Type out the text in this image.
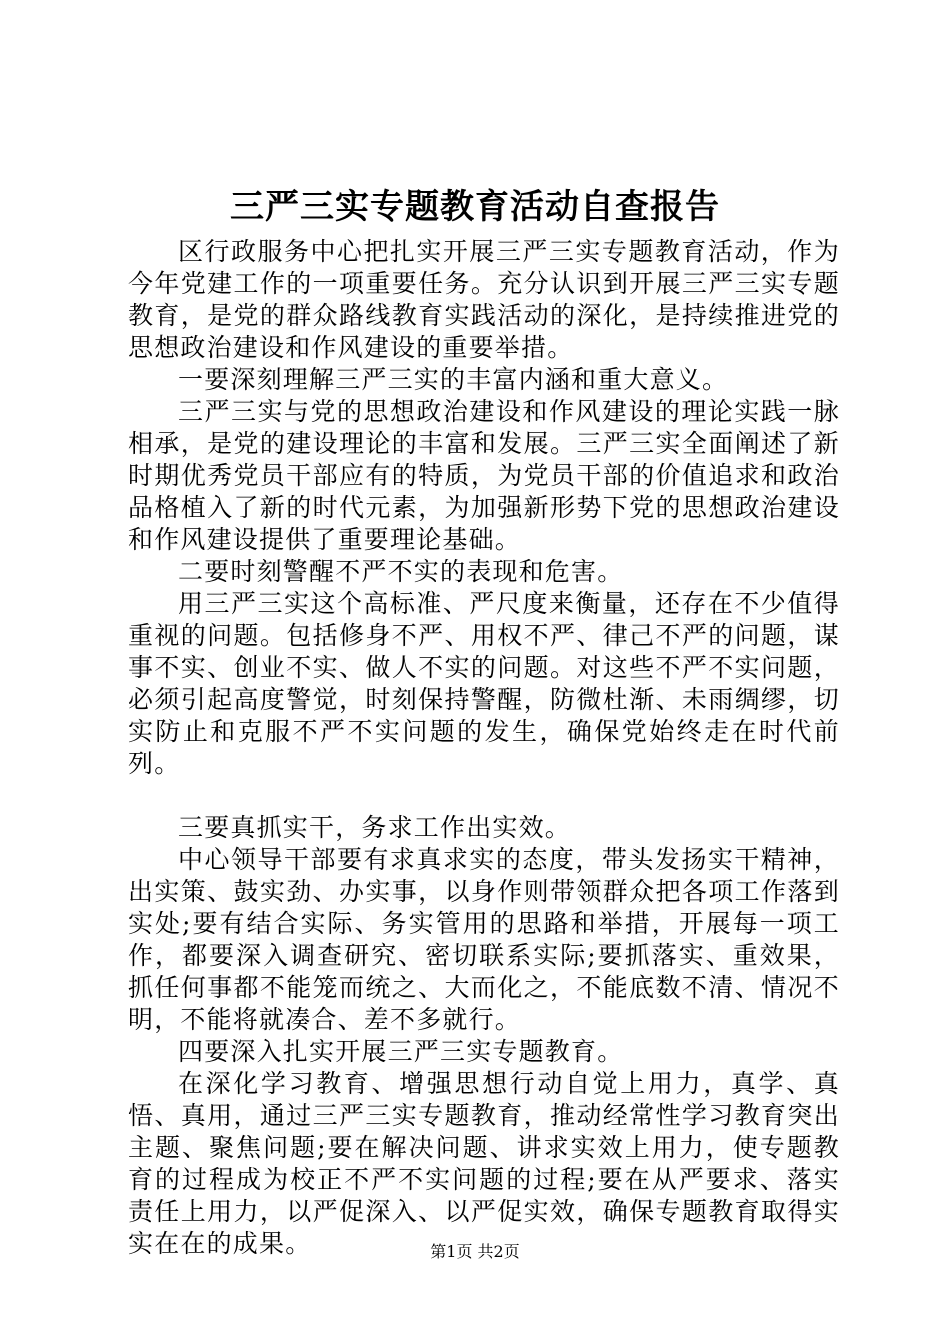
三严三实专题教育活动自查报告

区行政服务中心把扎实开展三严三实专题教育活动，作为今年党建工作的一项重要任务。充分认识到开展三严三实专题教育，是党的群众路线教育实践活动的深化，是持续推进党的思想政治建设和作风建设的重要举措。

一要深刻理解三严三实的丰富内涵和重大意义。

三严三实与党的思想政治建设和作风建设的理论实践一脉相承，是党的建设理论的丰富和发展。三严三实全面阐述了新时期优秀党员干部应有的特质，为党员干部的价值追求和政治品格植入了新的时代元素，为加强新形势下党的思想政治建设和作风建设提供了重要理论基础。

二要时刻警醒不严不实的表现和危害。

用三严三实这个高标准、严尺度来衡量，还存在不少值得重视的问题。包括修身不严、用权不严、律己不严的问题，谋事不实、创业不实、做人不实的问题。对这些不严不实问题，必须引起高度警觉，时刻保持警醒，防微杜渐、未雨绸缪，切实防止和克服不严不实问题的发生，确保党始终走在时代前列。

三要真抓实干，务求工作出实效。

中心领导干部要有求真求实的态度，带头发扬实干精神，出实策、鼓实劲、办实事，以身作则带领群众把各项工作落到实处;要有结合实际、务实管用的思路和举措，开展每一项工作，都要深入调查研究、密切联系实际;要抓落实、重效果，抓任何事都不能笼而统之、大而化之，不能底数不清、情况不明，不能将就凑合、差不多就行。

四要深入扎实开展三严三实专题教育。

在深化学习教育、增强思想行动自觉上用力，真学、真悟、真用，通过三严三实专题教育，推动经常性学习教育突出主题、聚焦问题;要在解决问题、讲求实效上用力，使专题教育的过程成为校正不严不实问题的过程;要在从严要求、落实责任上用力，以严促深入、以严促实效，确保专题教育取得实实在在的成果。	第1页 共2页
